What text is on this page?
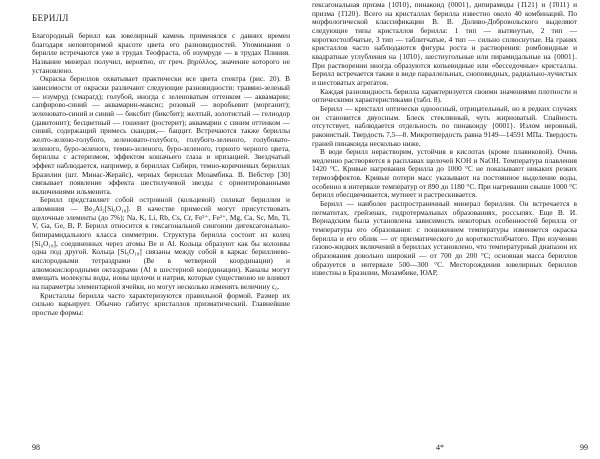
БЕРИЛЛ

Благородный берилл как ювелирный камень применялся с давних времен благодаря неповторимой красоте цвета его разновидностей. Упоминания о берилле встречаются уже в трудах Теофраста, об изумруде — в трудах Плиния. Название минерал получил, вероятно, от греч. βηρύλλος, значение которого не установлено.

Окраска бериллов охватывает практически все цвета спектра (рис. 20). В зависимости от окраски различают следующие разновидности: травяно-зеленый — изумруд (смарагд); голубой, иногда с зеленоватым оттенком — аквамарин; сапфирово-синий — аквамарин-максис; розовый — воробьевит (морганит); зеленовато-синий и синий — бикcбит (биксбит); желтый, золотистый — гелиодор (давитонит); бесцветный — гошенит (ростерит); аквамарин с синим оттенком — синий, содержащий примесь скандия,— баццит. Встречаются также бериллы желто-зелено-голубого, зеленовато-голубого, голубого-зеленого, голубовато-зеленого, буро-зеленого, темно-зеленого, буро-зеленого, горного черного цвета, бериллы с астеризмом, эффектом кошачьего глаза и иризацией. Звездчатый эффект наблюдается, например, в бериллах Сибири, темно-коричневых бериллах Бразилии (шт. Минас-Жерайс), черных бериллах Мозамбика. В. Вебстер [30] связывает появление эффекта шестилучевой звезды с ориентированными включениями ильменита.

Берилл представляет собой островной (кольцевой) силикат бериллия и алюминия — Be₃Al₂[Si₆O₁₈]. В качестве примесей могут присутствовать щелочные элементы (до 7%); Na, K, Li, Rb, Cs, Cr, Fe³⁺, Fe²⁺, Mg, Ca, Sc, Mn, Ti, V, Ga, Ge, B, P. Берилл относится к гексагональной сингонии дигексагонально-бипирамидального класса симметрии. Структура берилла состоит из колец [Si₆O₁₈], соединенных через атомы Be и Al. Кольца образуют как бы колонны одна под другой. Кольца [Si₆O₁₈] связаны между собой в каркас бериллиево-кислородными тетраэдрами (Be в четверной координации) и алюмокислородными октаэдрами (Al в шестерной координации). Каналы могут вмещать молекулы воды, ионы щелочи и натрия, которые существенно не влияют на параметры элементарной ячейки, но могут несколько изменять величину c₀.

Кристаллы берилла часто характеризуются правильной формой. Размер их сильно варьирует. Обычно габитус кристаллов призматический. Главнейшие простые формы:

98

гексагональная призма {10̄10}, пинакоид {0001}, дипирамиды {1̄121} и {1̄011} и призма {1̄120}. Всего на кристаллах берилла известно около 40 комбинаций. По морфологической классификации В. В. Доливо-Добровольского выделяют следующие типы кристаллов берилла: 1 тип — вытянутые, 2 тип — короткостолбчатые, 3 тип — таблитчатые, 4 тип — сильно сплюснутые. На гранях кристаллов часто наблюдаются фигуры роста и растворения: ромбовидные и квадратные углубления на {10̄10}, шестиугольные или пирамидальные на {0001}. При растворении иногда образуются копьевидные или «бесседочные» кристаллы. Берилл встречается также в виде параллельных, сноповидных, радиально-лучистых и шестоватых агрегатов.

Каждая разновидность берилла характеризуется своими значениями плотности и оптическими характеристиками (табл. 8).

Берилл — кристалл оптически одноосный, отрицательный, но в редких случаях он становится двуосным. Блеск стеклянный, чуть жирноватый. Спайность отсутствует, наблюдается отдельность по пинакоиду {0001}. Излом неровный, раковистый. Твердость 7,5—8. Микротвердость равна 9149—14591 МПа. Твердость граней пинакоида несколько ниже.

В воде берилл нерастворим, устойчив в кислотах (кроме плавиковой). Очень медленно растворяется в расплавах щелочей KOH и NaOH. Температура плавления 1420 °C. Кривые нагревания берилла до 1000 °C не показывают никаких резких термоэффектов. Кривые потери масс указывают на постоянное выделение воды, особенно в интервале температур от 890 до 1180 °C. При нагревании свыше 1000 °C берилл обесцвечивается, мутнеет и растрескивается.

Берилл — наиболее распространенный минерал бериллия. Он встречается в пегматитах, грейзенах, гидротермальных образованиях, россыпях. Еще В. И. Вернадским была установлена зависимость некоторых особенностей берилла от температуры его образования: с понижением температуры изменяется окраска берилла и его облик — от призматического до короткостолбчатого. При изучении газово-жидких включений в бериллах установлено, что температурный диапазон их образования довольно широкий — от 700 до 200 °C; основная масса бериллов образуется в интервале 500—300 °C. Месторождения ювелирных бериллов известны в Бразилии, Мозамбике, ЮАР,

4*	99
